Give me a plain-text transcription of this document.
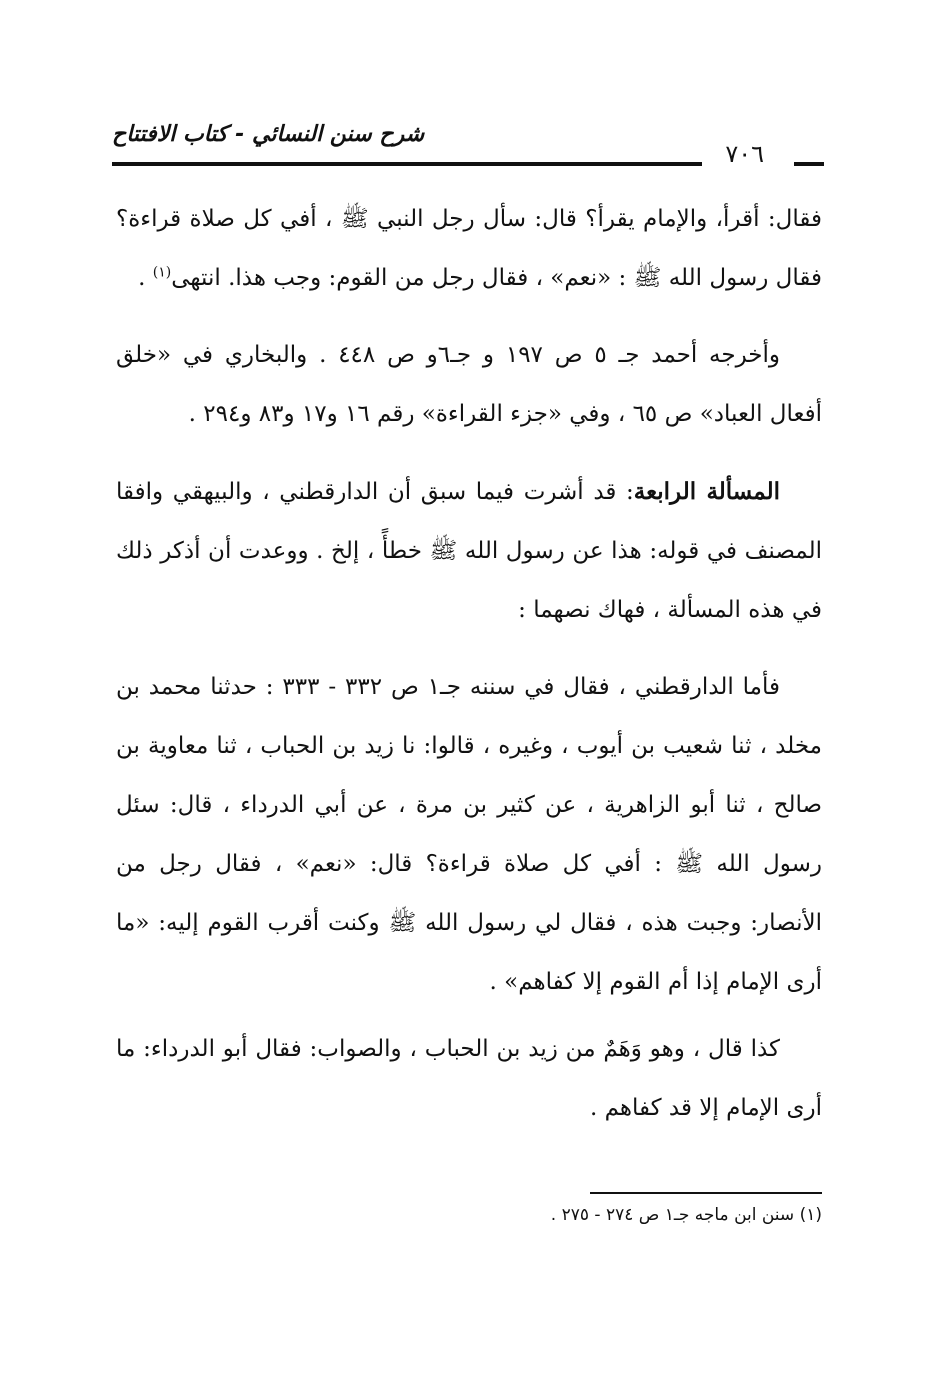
شرح سنن النسائي - كتاب الافتتاح
٧٠٦

فقال: أقرأ، والإمام يقرأ؟ قال: سأل رجل النبي ﷺ ، أفي كل صلاة قراءة؟ فقال رسول الله ﷺ : «نعم» ، فقال رجل من القوم: وجب هذا. انتهى$^{(١)}$ .

وأخرجه أحمد جـ ٥ ص ١٩٧ و جـ٦و ص ٤٤٨ . والبخاري في «خلق أفعال العباد» ص ٦٥ ، وفي «جزء القراءة» رقم ١٦ و١٧ و٨٣ و٢٩٤ .

المسألة الرابعة: قد أشرت فيما سبق أن الدارقطني ، والبيهقي وافقا المصنف في قوله: هذا عن رسول الله ﷺ خطأً ، إلخ . ووعدت أن أذكر ذلك في هذه المسألة ، فهاك نصهما :

فأما الدارقطني ، فقال في سننه جـ١ ص ٣٣٢ - ٣٣٣ : حدثنا محمد بن مخلد ، ثنا شعيب بن أيوب ، وغيره ، قالوا: نا زيد بن الحباب ، ثنا معاوية بن صالح ، ثنا أبو الزاهرية ، عن كثير بن مرة ، عن أبي الدرداء ، قال: سئل رسول الله ﷺ : أفي كل صلاة قراءة؟ قال: «نعم» ، فقال رجل من الأنصار: وجبت هذه ، فقال لي رسول الله ﷺ وكنت أقرب القوم إليه: «ما أرى الإمام إذا أم القوم إلا كفاهم» .

كذا قال ، وهو وَهَمٌ من زيد بن الحباب ، والصواب: فقال أبو الدرداء: ما أرى الإمام إلا قد كفاهم .

(١) سنن ابن ماجه جـ١ ص ٢٧٤ - ٢٧٥ .
